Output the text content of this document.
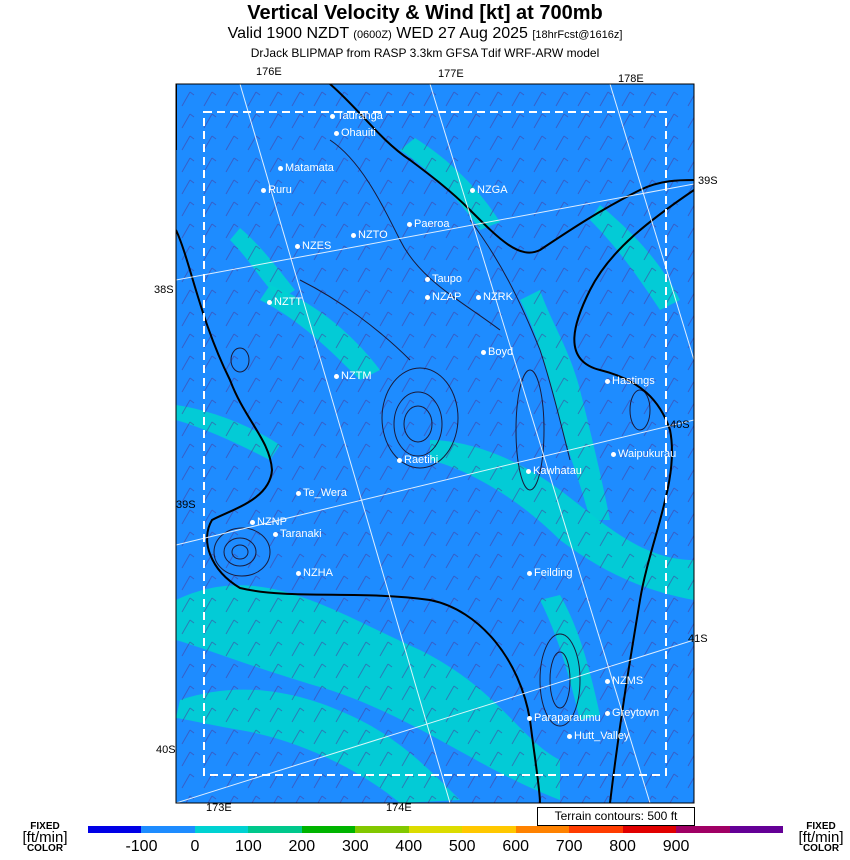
Vertical Velocity & Wind [kt] at 700mb
Valid 1900 NZDT (0600Z) WED 27 Aug 2025 [18hrFcst@1616z]
DrJack BLIPMAP from RASP 3.3km GFSA Tdif WRF-ARW model
176E	177E	178E
173E	174E
38S
39S
40S
39S
40S
41S
Tauranga
Ohauiti
Matamata
Ruru	NZGA
Paeroa
NZES
NZTO
Taupo
NZTT	NZAP	NZRK
Boyd
NZTM	Hastings
Raetihi	Waipukurau
Kawhatau
Te_Wera
NZNP
Taranaki
NZHA	Feilding
NZMS
Greytown
Paraparaumu
Hutt_Valley
Terrain contours: 500 ft
FIXED
[ft/min]
COLOR
FIXED
[ft/min]
COLOR
-100 0 100 200 300 400 500 600 700 800 900
